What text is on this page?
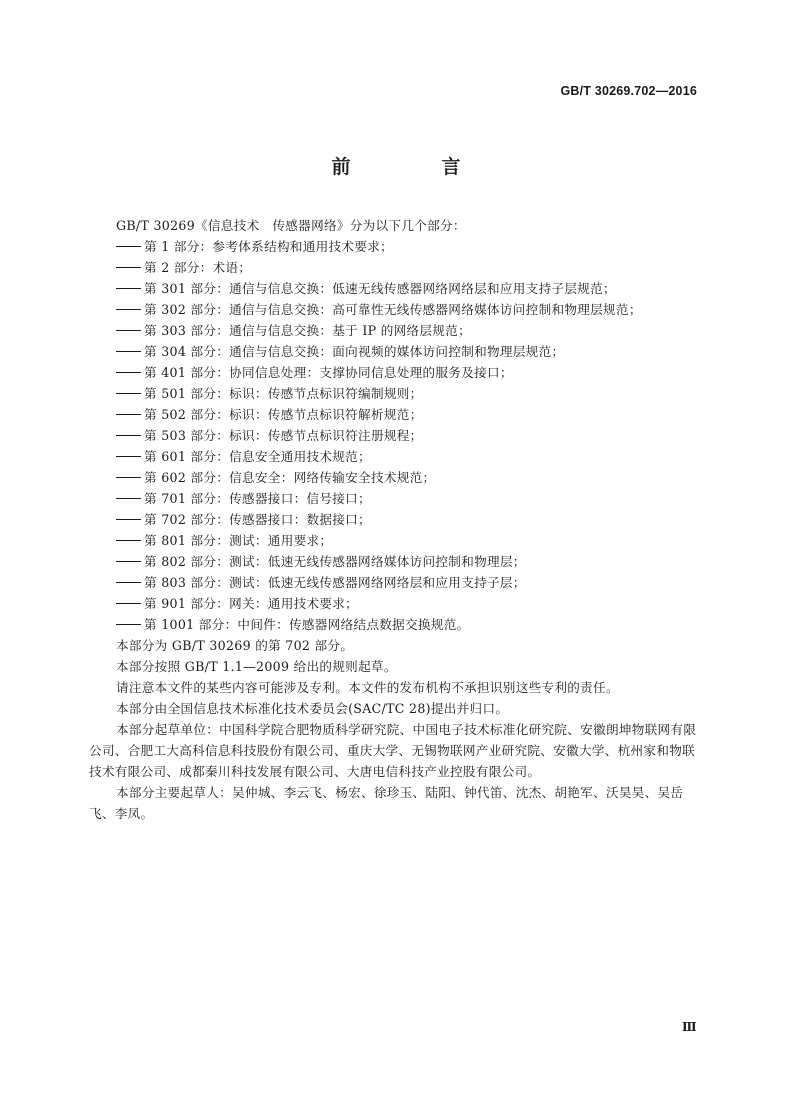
GB/T 30269.702—2016
前　言
GB/T 30269《信息技术　传感器网络》分为以下几个部分：
第 1 部分：参考体系结构和通用技术要求；
第 2 部分：术语；
第 301 部分：通信与信息交换：低速无线传感器网络网络层和应用支持子层规范；
第 302 部分：通信与信息交换：高可靠性无线传感器网络媒体访问控制和物理层规范；
第 303 部分：通信与信息交换：基于 IP 的网络层规范；
第 304 部分：通信与信息交换：面向视频的媒体访问控制和物理层规范；
第 401 部分：协同信息处理：支撑协同信息处理的服务及接口；
第 501 部分：标识：传感节点标识符编制规则；
第 502 部分：标识：传感节点标识符解析规范；
第 503 部分：标识：传感节点标识符注册规程；
第 601 部分：信息安全通用技术规范；
第 602 部分：信息安全：网络传输安全技术规范；
第 701 部分：传感器接口：信号接口；
第 702 部分：传感器接口：数据接口；
第 801 部分：测试：通用要求；
第 802 部分：测试：低速无线传感器网络媒体访问控制和物理层；
第 803 部分：测试：低速无线传感器网络网络层和应用支持子层；
第 901 部分：网关：通用技术要求；
第 1001 部分：中间件：传感器网络结点数据交换规范。
本部分为 GB/T 30269 的第 702 部分。
本部分按照 GB/T 1.1—2009 给出的规则起草。
请注意本文件的某些内容可能涉及专利。本文件的发布机构不承担识别这些专利的责任。
本部分由全国信息技术标准化技术委员会(SAC/TC 28)提出并归口。
本部分起草单位：中国科学院合肥物质科学研究院、中国电子技术标准化研究院、安徽朗坤物联网有限公司、合肥工大高科信息科技股份有限公司、重庆大学、无锡物联网产业研究院、安徽大学、杭州家和物联技术有限公司、成都秦川科技发展有限公司、大唐电信科技产业控股有限公司。
本部分主要起草人：吴仲城、李云飞、杨宏、徐珍玉、陆阳、钟代笛、沈杰、胡艳军、沃昊昊、吴岳飞、李凤。
Ⅲ
